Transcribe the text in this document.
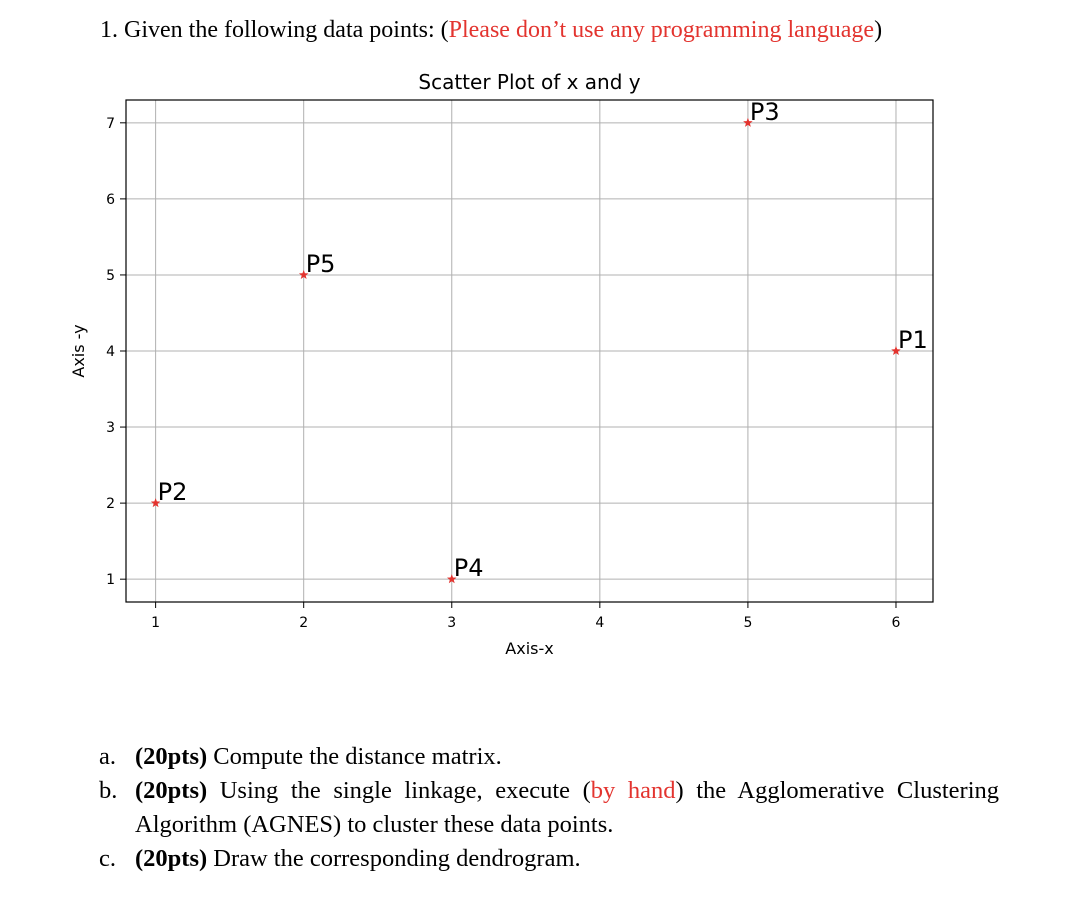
1. Given the following data points: (Please don’t use any programming language)
1	2	3	4	5	6
1
2
3
4
5
6
7
P1
P2
P3
P4
P5
Scatter Plot of x and y
Axis-x
Axis -y
a. (20pts) Compute the distance matrix.
b. (20pts) Using the single linkage, execute (by hand) the Agglomerative Clustering Algorithm (AGNES) to cluster these data points.
c. (20pts) Draw the corresponding dendrogram.
